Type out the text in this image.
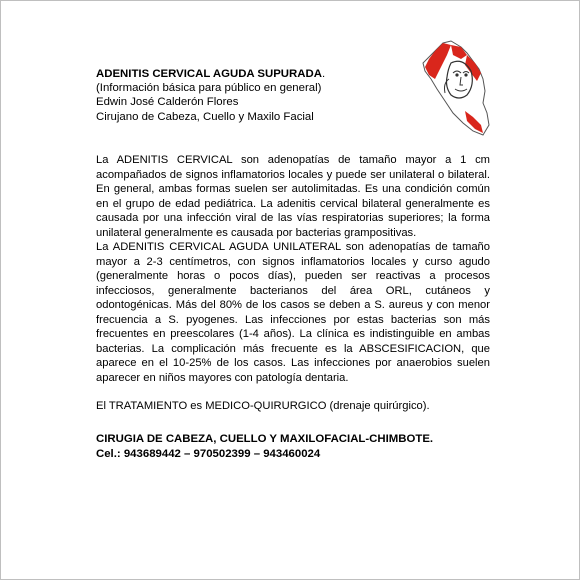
ADENITIS CERVICAL AGUDA SUPURADA.
(Información básica para público en general)
Edwin José Calderón Flores
Cirujano de Cabeza, Cuello y Maxilo Facial

La ADENITIS CERVICAL son adenopatías de tamaño mayor a 1 cm acompañados de signos inflamatorios locales y puede ser unilateral o bilateral. En general, ambas formas suelen ser autolimitadas. Es una condición común en el grupo de edad pediátrica. La adenitis cervical bilateral generalmente es causada por una infección viral de las vías respiratorias superiores; la forma unilateral generalmente es causada por bacterias grampositivas.

La ADENITIS CERVICAL AGUDA UNILATERAL son adenopatías de tamaño mayor a 2-3 centímetros, con signos inflamatorios locales y curso agudo (generalmente horas o pocos días), pueden ser reactivas a procesos infecciosos, generalmente bacterianos del área ORL, cutáneos y odontogénicas. Más del 80% de los casos se deben a S. aureus y con menor frecuencia a S. pyogenes. Las infecciones por estas bacterias son más frecuentes en preescolares (1-4 años). La clínica es indistinguible en ambas bacterias. La complicación más frecuente es la ABSCESIFICACION, que aparece en el 10-25% de los casos. Las infecciones por anaerobios suelen aparecer en niños mayores con patología dentaria.

El TRATAMIENTO es MEDICO-QUIRURGICO (drenaje quirúrgico).

CIRUGIA DE CABEZA, CUELLO Y MAXILOFACIAL-CHIMBOTE.
Cel.: 943689442 – 970502399 – 943460024
